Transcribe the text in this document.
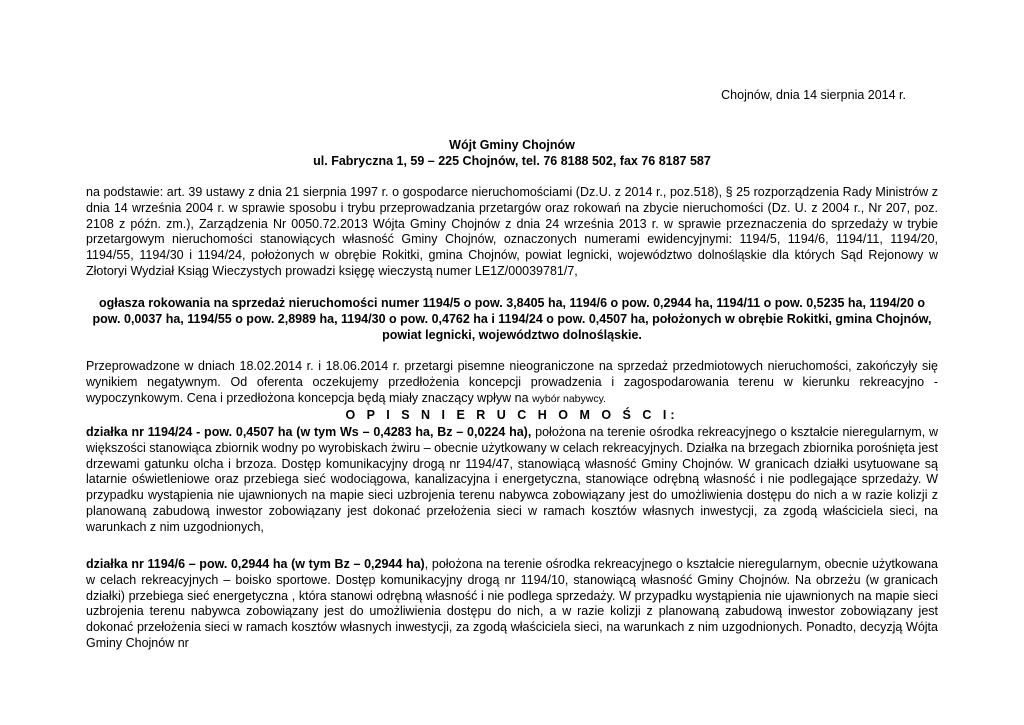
Chojnów, dnia 14 sierpnia 2014 r.
Wójt Gminy Chojnów
ul. Fabryczna 1, 59 – 225 Chojnów, tel. 76 8188 502, fax 76 8187 587
na podstawie: art. 39 ustawy z dnia 21 sierpnia 1997 r. o gospodarce nieruchomościami (Dz.U. z 2014 r., poz.518), § 25 rozporządzenia Rady Ministrów z dnia 14 września 2004 r. w sprawie sposobu i trybu przeprowadzania przetargów oraz rokowań na zbycie nieruchomości (Dz. U. z 2004 r., Nr 207, poz. 2108 z późn. zm.), Zarządzenia Nr 0050.72.2013 Wójta Gminy Chojnów z dnia 24 września 2013 r. w sprawie przeznaczenia do sprzedaży w trybie przetargowym nieruchomości stanowiących własność Gminy Chojnów, oznaczonych numerami ewidencyjnymi: 1194/5, 1194/6, 1194/11, 1194/20, 1194/55, 1194/30 i 1194/24, położonych w obrębie Rokitki, gmina Chojnów, powiat legnicki, województwo dolnośląskie dla których Sąd Rejonowy w Złotoryi Wydział Ksiąg Wieczystych prowadzi księgę wieczystą numer LE1Z/00039781/7,
ogłasza rokowania na sprzedaż nieruchomości numer 1194/5 o pow. 3,8405 ha, 1194/6 o pow. 0,2944 ha, 1194/11 o pow. 0,5235 ha, 1194/20 o pow. 0,0037 ha, 1194/55 o pow. 2,8989 ha, 1194/30 o pow. 0,4762 ha i 1194/24 o pow. 0,4507 ha, położonych w obrębie Rokitki, gmina Chojnów, powiat legnicki, województwo dolnośląskie.
Przeprowadzone w dniach 18.02.2014 r. i 18.06.2014 r. przetargi pisemne nieograniczone na sprzedaż przedmiotowych nieruchomości, zakończyły się wynikiem negatywnym. Od oferenta oczekujemy przedłożenia koncepcji prowadzenia i zagospodarowania terenu w kierunku rekreacyjno - wypoczynkowym. Cena i przedłożona koncepcja będą miały znaczący wpływ na wybór nabywcy.
O P I S N I E R U C H O M O Ś C I:
działka nr 1194/24 - pow. 0,4507 ha (w tym Ws – 0,4283 ha, Bz – 0,0224 ha), położona na terenie ośrodka rekreacyjnego o kształcie nieregularnym, w większości stanowiąca zbiornik wodny po wyrobiskach żwiru – obecnie użytkowany w celach rekreacyjnych. Działka na brzegach zbiornika porośnięta jest drzewami gatunku olcha i brzoza. Dostęp komunikacyjny drogą nr 1194/47, stanowiącą własność Gminy Chojnów. W granicach działki usytuowane są latarnie oświetleniowe oraz przebiega sieć wodociągowa, kanalizacyjna i energetyczna, stanowiące odrębną własność i nie podlegające sprzedaży. W przypadku wystąpienia nie ujawnionych na mapie sieci uzbrojenia terenu nabywca zobowiązany jest do umożliwienia dostępu do nich a w razie kolizji z planowaną zabudową inwestor zobowiązany jest dokonać przełożenia sieci w ramach kosztów własnych inwestycji, za zgodą właściciela sieci, na warunkach z nim uzgodnionych,
działka nr 1194/6 – pow. 0,2944 ha (w tym Bz – 0,2944 ha), położona na terenie ośrodka rekreacyjnego o kształcie nieregularnym, obecnie użytkowana w celach rekreacyjnych – boisko sportowe. Dostęp komunikacyjny drogą nr 1194/10, stanowiącą własność Gminy Chojnów. Na obrzeżu (w granicach działki) przebiega sieć energetyczna , która stanowi odrębną własność i nie podlega sprzedaży. W przypadku wystąpienia nie ujawnionych na mapie sieci uzbrojenia terenu nabywca zobowiązany jest do umożliwienia dostępu do nich, a w razie kolizji z planowaną zabudową inwestor zobowiązany jest dokonać przełożenia sieci w ramach kosztów własnych inwestycji, za zgodą właściciela sieci, na warunkach z nim uzgodnionych. Ponadto, decyzją Wójta Gminy Chojnów nr
